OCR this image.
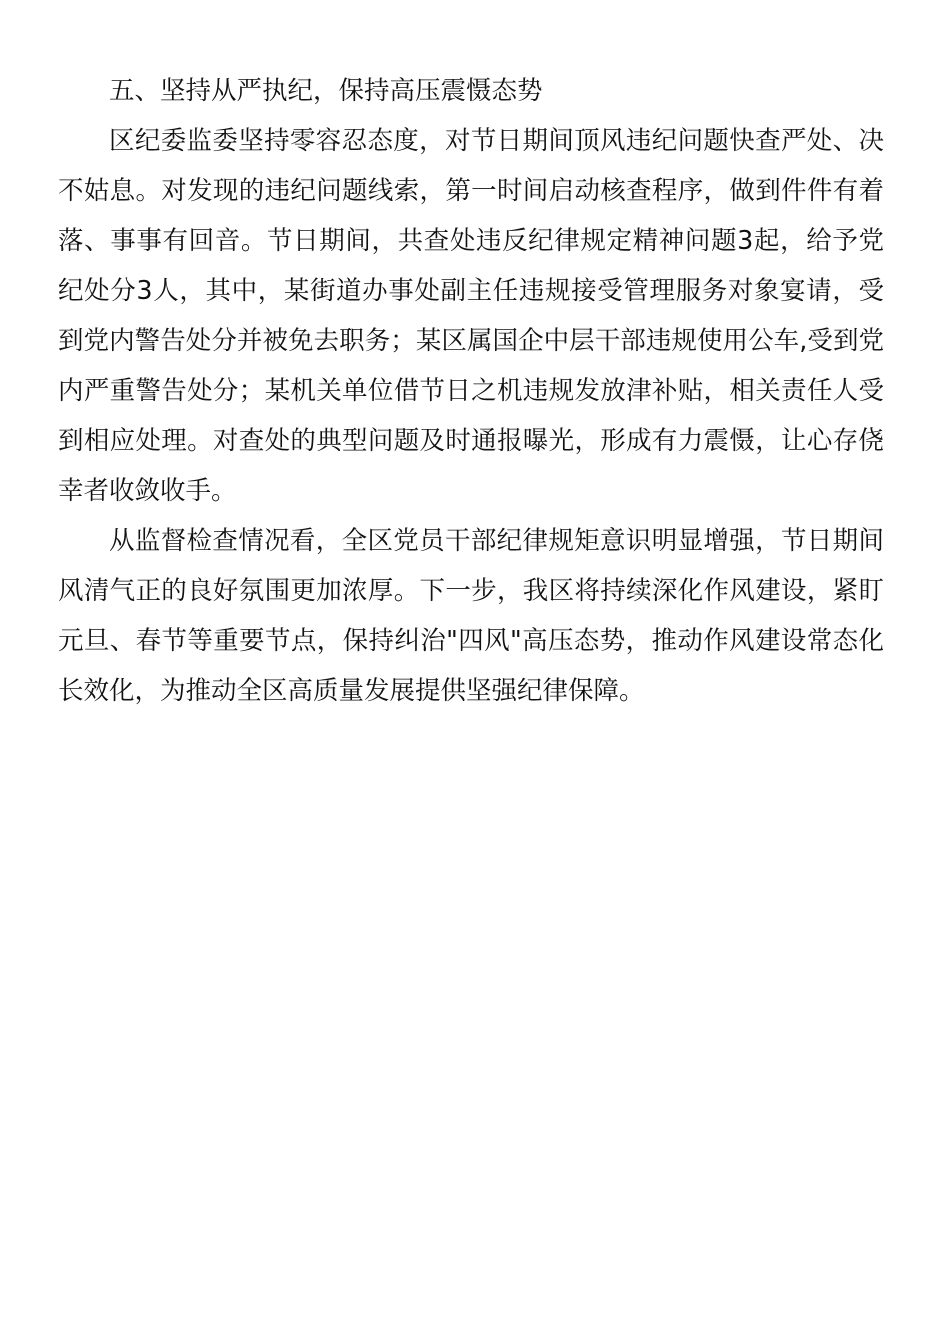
五、坚持从严执纪，保持高压震慑态势

区纪委监委坚持零容忍态度，对节日期间顶风违纪问题快查严处、决不姑息。对发现的违纪问题线索，第一时间启动核查程序，做到件件有着落、事事有回音。节日期间，共查处违反纪律规定精神问题3起，给予党纪处分3人，其中，某街道办事处副主任违规接受管理服务对象宴请，受到党内警告处分并被免去职务；某区属国企中层干部违规使用公车,受到党内严重警告处分；某机关单位借节日之机违规发放津补贴，相关责任人受到相应处理。对查处的典型问题及时通报曝光，形成有力震慑，让心存侥幸者收敛收手。

从监督检查情况看，全区党员干部纪律规矩意识明显增强，节日期间风清气正的良好氛围更加浓厚。下一步，我区将持续深化作风建设，紧盯元旦、春节等重要节点，保持纠治"四风"高压态势，推动作风建设常态化长效化，为推动全区高质量发展提供坚强纪律保障。
